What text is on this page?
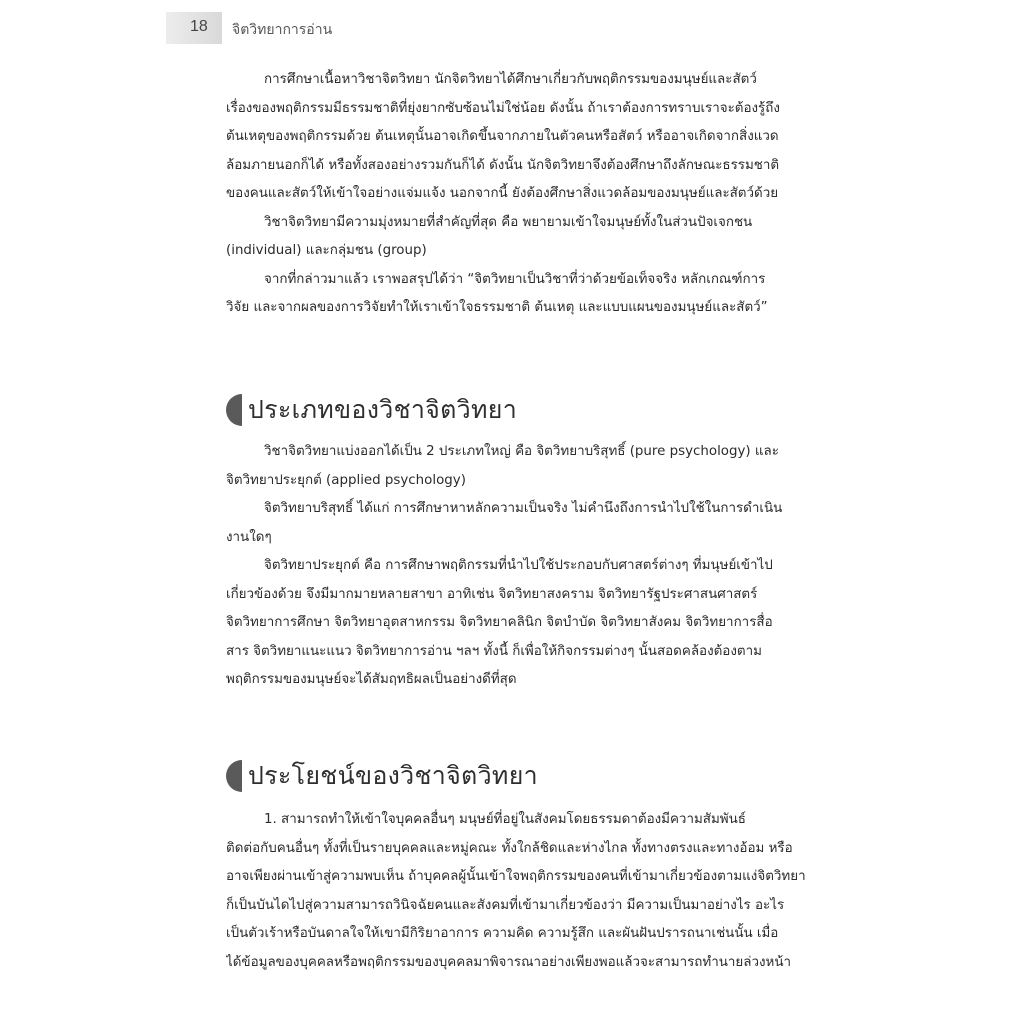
18 จิตวิทยาการอ่าน
การศึกษาเนื้อหาวิชาจิตวิทยา นักจิตวิทยาได้ศึกษาเกี่ยวกับพฤติกรรมของมนุษย์และสัตว์
เรื่องของพฤติกรรมมีธรรมชาติที่ยุ่งยากซับซ้อนไม่ใช่น้อย ดังนั้น ถ้าเราต้องการทราบเราจะต้องรู้ถึง
ต้นเหตุของพฤติกรรมด้วย ต้นเหตุนั้นอาจเกิดขึ้นจากภายในตัวคนหรือสัตว์ หรืออาจเกิดจากสิ่งแวด
ล้อมภายนอกก็ได้ หรือทั้งสองอย่างรวมกันก็ได้ ดังนั้น นักจิตวิทยาจึงต้องศึกษาถึงลักษณะธรรมชาติ
ของคนและสัตว์ให้เข้าใจอย่างแจ่มแจ้ง นอกจากนี้ ยังต้องศึกษาสิ่งแวดล้อมของมนุษย์และสัตว์ด้วย
วิชาจิตวิทยามีความมุ่งหมายที่สำคัญที่สุด คือ พยายามเข้าใจมนุษย์ทั้งในส่วนปัจเจกชน
(individual) และกลุ่มชน (group)
จากที่กล่าวมาแล้ว เราพอสรุปได้ว่า “จิตวิทยาเป็นวิชาที่ว่าด้วยข้อเท็จจริง หลักเกณฑ์การ
วิจัย และจากผลของการวิจัยทำให้เราเข้าใจธรรมชาติ ต้นเหตุ และแบบแผนของมนุษย์และสัตว์”
ประเภทของวิชาจิตวิทยา
วิชาจิตวิทยาแบ่งออกได้เป็น 2 ประเภทใหญ่ คือ จิตวิทยาบริสุทธิ์ (pure psychology) และ
จิตวิทยาประยุกต์ (applied psychology)
จิตวิทยาบริสุทธิ์ ได้แก่ การศึกษาหาหลักความเป็นจริง ไม่คำนึงถึงการนำไปใช้ในการดำเนิน
งานใดๆ
จิตวิทยาประยุกต์ คือ การศึกษาพฤติกรรมที่นำไปใช้ประกอบกับศาสตร์ต่างๆ ที่มนุษย์เข้าไป
เกี่ยวข้องด้วย จึงมีมากมายหลายสาขา อาทิเช่น จิตวิทยาสงคราม จิตวิทยารัฐประศาสนศาสตร์
จิตวิทยาการศึกษา จิตวิทยาอุตสาหกรรม จิตวิทยาคลินิก จิตบำบัด จิตวิทยาสังคม จิตวิทยาการสื่อ
สาร จิตวิทยาแนะแนว จิตวิทยาการอ่าน ฯลฯ ทั้งนี้ ก็เพื่อให้กิจกรรมต่างๆ นั้นสอดคล้องต้องตาม
พฤติกรรมของมนุษย์จะได้สัมฤทธิผลเป็นอย่างดีที่สุด
ประโยชน์ของวิชาจิตวิทยา
1. สามารถทำให้เข้าใจบุคคลอื่นๆ มนุษย์ที่อยู่ในสังคมโดยธรรมดาต้องมีความสัมพันธ์
ติดต่อกับคนอื่นๆ ทั้งที่เป็นรายบุคคลและหมู่คณะ ทั้งใกล้ชิดและห่างไกล ทั้งทางตรงและทางอ้อม หรือ
อาจเพียงผ่านเข้าสู่ความพบเห็น ถ้าบุคคลผู้นั้นเข้าใจพฤติกรรมของคนที่เข้ามาเกี่ยวข้องตามแง่จิตวิทยา
ก็เป็นบันไดไปสู่ความสามารถวินิจฉัยคนและสังคมที่เข้ามาเกี่ยวข้องว่า มีความเป็นมาอย่างไร อะไร
เป็นตัวเร้าหรือบันดาลใจให้เขามีกิริยาอาการ ความคิด ความรู้สึก และผันฝันปรารถนาเช่นนั้น เมื่อ
ได้ข้อมูลของบุคคลหรือพฤติกรรมของบุคคลมาพิจารณาอย่างเพียงพอแล้วจะสามารถทำนายล่วงหน้า
